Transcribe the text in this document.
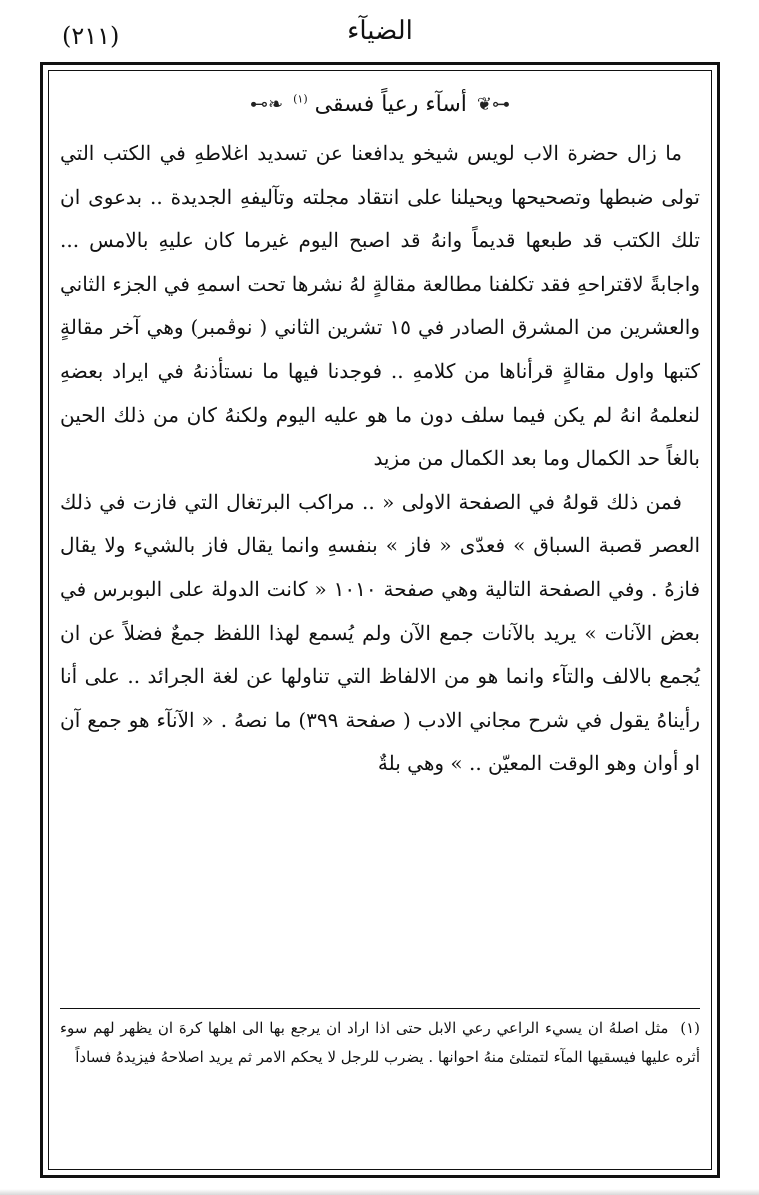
الضيآء
(٢١١)
⊷❦
أسآء رعياً فسقى $^{(١)}$
❧⊶

ما زال حضرة الاب لويس شيخو يدافعنا عن تسديد اغلاطهِ في الكتب التي تولى ضبطها وتصحيحها ويحيلنا على انتقاد مجلته وتآليفهِ الجديدة .. بدعوى ان تلك الكتب قد طبعها قديماً وانهُ قد اصبح اليوم غيرما كان عليهِ بالامس ... واجابةً لاقتراحهِ فقد تكلفنا مطالعة مقالةٍ لهُ نشرها تحت اسمهِ في الجزء الثاني والعشرين من المشرق الصادر في ١٥ تشرين الثاني ( نوڤمبر) وهي آخر مقالةٍ كتبها واول مقالةٍ قرأناها من كلامهِ .. فوجدنا فيها ما نستأذنهُ في ايراد بعضهِ لنعلمهُ انهُ لم يكن فيما سلف دون ما هو عليه اليوم ولكنهُ كان من ذلك الحين بالغاً حد الكمال وما بعد الكمال من مزيد

فمن ذلك قولهُ في الصفحة الاولى « .. مراكب البرتغال التي فازت في ذلك العصر قصبة السباق » فعدّى « فاز » بنفسهِ وانما يقال فاز بالشيء ولا يقال فازهُ . وفي الصفحة التالية وهي صفحة ١٠١٠ « كانت الدولة على البوبرس في بعض الآنات » يريد بالآنات جمع الآن ولم يُسمع لهذا اللفظ جمعٌ فضلاً عن ان يُجمع بالالف والتآء وانما هو من الالفاظ التي تناولها عن لغة الجرائد .. على أنا رأيناهُ يقول في شرح مجاني الادب ( صفحة ٣٩٩) ما نصهُ . « الآنآء هو جمع آن او أوان وهو الوقت المعيّن .. » وهي بلةٌ

(١) مثل اصلهُ ان يسيء الراعي رعي الابل حتى اذا اراد ان يرجع بها الى اهلها كرهَ ان يظهر لهم سوء أثره عليها فيسقيها المآء لتمتلئ منهُ احوانها . يضرب للرجل لا يحكم الامر ثم يريد اصلاحهُ فيزيدهُ فساداً
